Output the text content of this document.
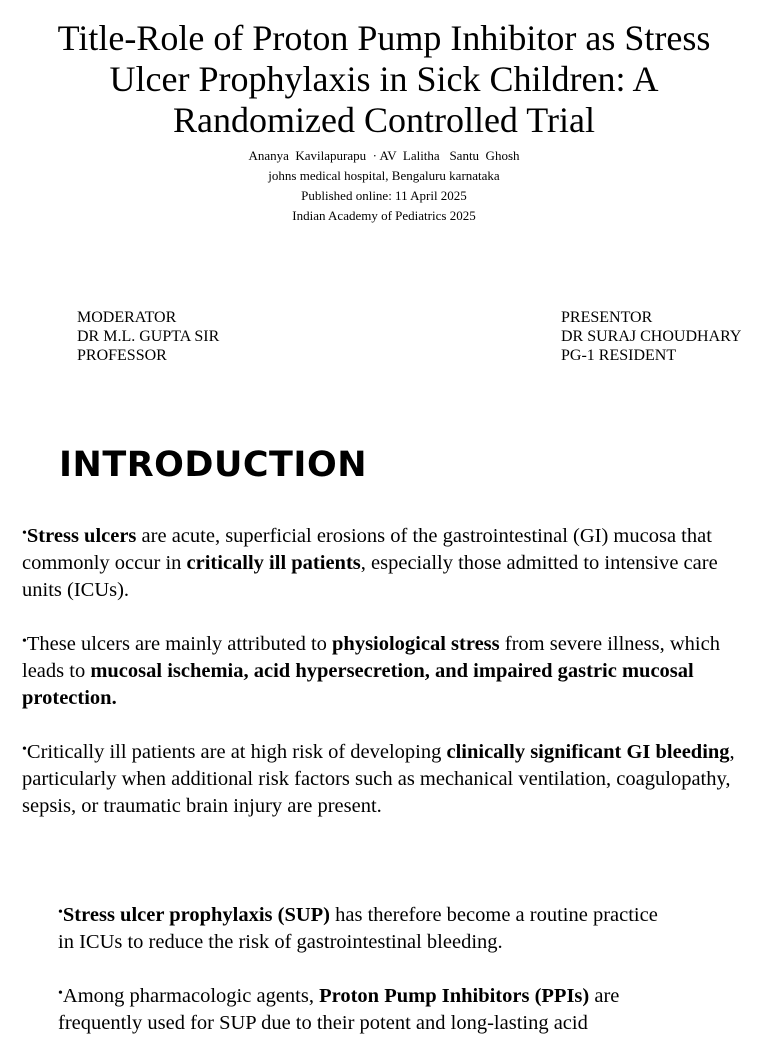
Title-Role of Proton Pump Inhibitor as Stress Ulcer Prophylaxis in Sick Children: A Randomized Controlled Trial
Ananya  Kavilapurapu  · AV  Lalitha   Santu  Ghosh
johns medical hospital, Bengaluru karnataka
Published online: 11 April 2025
Indian Academy of Pediatrics 2025
MODERATOR
DR M.L. GUPTA SIR
PROFESSOR
PRESENTOR
DR SURAJ CHOUDHARY
PG-1 RESIDENT
INTRODUCTION

•Stress ulcers are acute, superficial erosions of the gastrointestinal (GI) mucosa that commonly occur in critically ill patients, especially those admitted to intensive care units (ICUs).

•These ulcers are mainly attributed to physiological stress from severe illness, which leads to mucosal ischemia, acid hypersecretion, and impaired gastric mucosal protection.

•Critically ill patients are at high risk of developing clinically significant GI bleeding, particularly when additional risk factors such as mechanical ventilation, coagulopathy, sepsis, or traumatic brain injury are present.

•Stress ulcer prophylaxis (SUP) has therefore become a routine practice in ICUs to reduce the risk of gastrointestinal bleeding.

•Among pharmacologic agents, Proton Pump Inhibitors (PPIs) are frequently used for SUP due to their potent and long-lasting acid
